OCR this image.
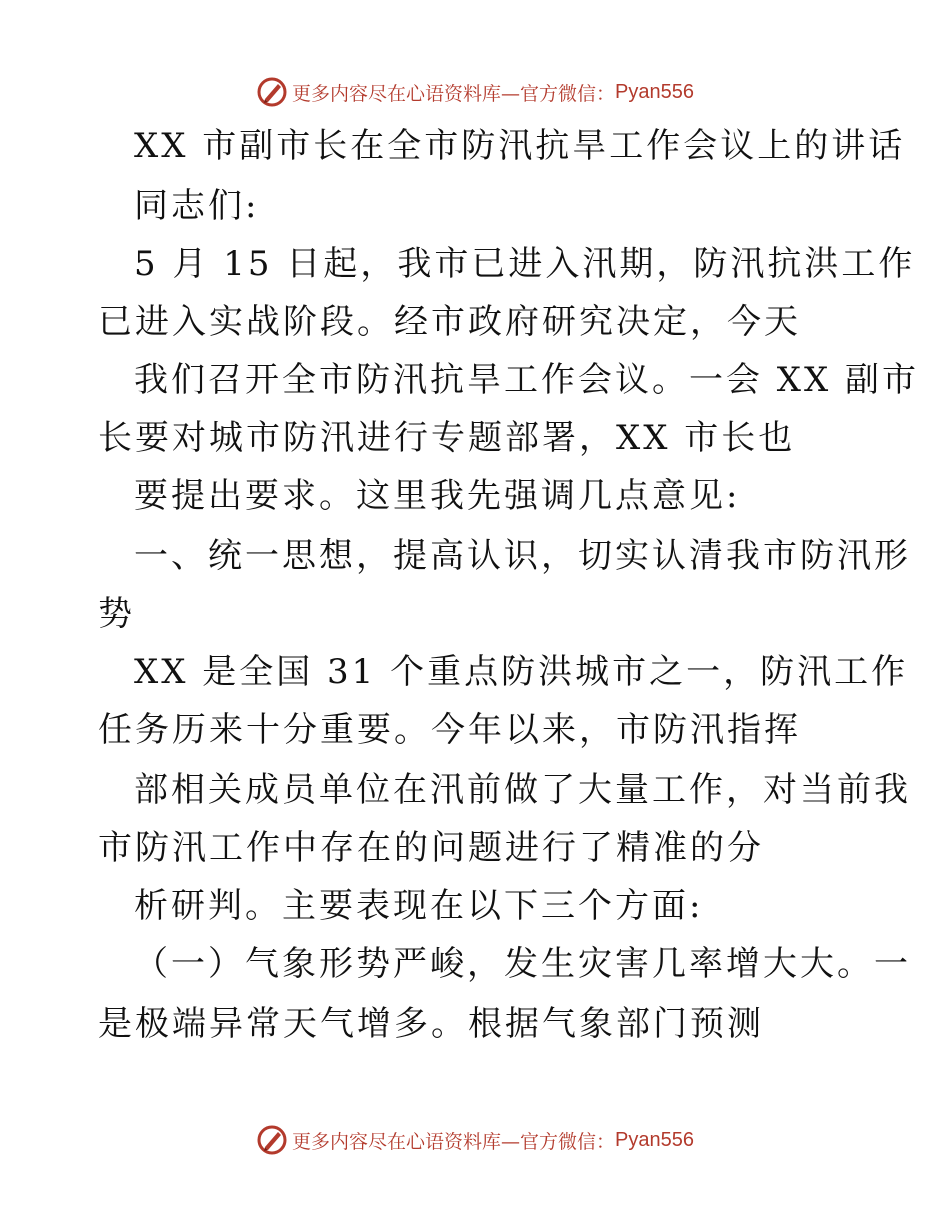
更多内容尽在心语资料库—官方微信： Pyan556
XX 市副市长在全市防汛抗旱工作会议上的讲话
同志们:
5 月 15 日起，我市已进入汛期，防汛抗洪工作
已进入实战阶段。经市政府研究决定，今天
我们召开全市防汛抗旱工作会议。一会 XX 副市
长要对城市防汛进行专题部署，XX 市长也
要提出要求。这里我先强调几点意见:
一、统一思想，提高认识，切实认清我市防汛形
势
XX 是全国 31 个重点防洪城市之一，防汛工作
任务历来十分重要。今年以来，市防汛指挥
部相关成员单位在汛前做了大量工作，对当前我
市防汛工作中存在的问题进行了精准的分
析研判。主要表现在以下三个方面:
（一）气象形势严峻，发生灾害几率增大大。一
是极端异常天气增多。根据气象部门预测
更多内容尽在心语资料库—官方微信： Pyan556
